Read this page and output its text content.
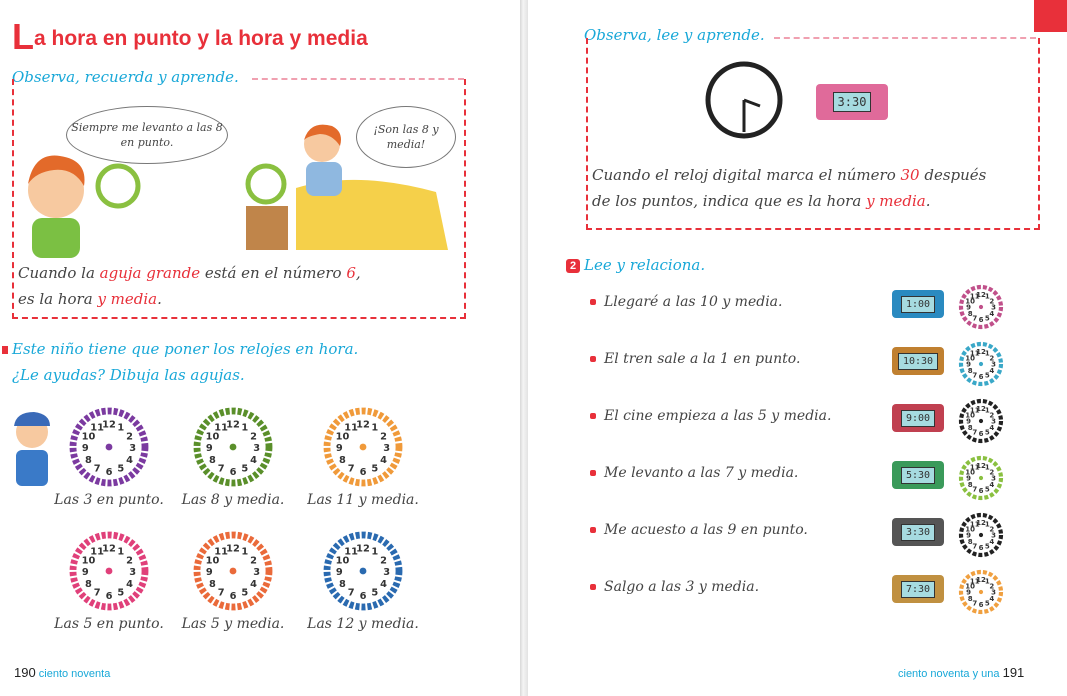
La hora en punto y la hora y media
Observa, recuerda y aprende.
Siempre me levanto a las 8 en punto.
¡Son las 8 y media!
Cuando la aguja grande está en el número 6,
es la hora y media.
Este niño tiene que poner los relojes en hora.
¿Le ayudas? Dibuja las agujas.
1
2
3
4
5
6
7
8
9
10
11
12
Las 3 en punto.
1
2
3
4
5
6
7
8
9
10
11
12
Las 8 y media.
1
2
3
4
5
6
7
8
9
10
11
12
Las 11 y media.
1
2
3
4
5
6
7
8
9
10
11
12
Las 5 en punto.
1
2
3
4
5
6
7
8
9
10
11
12
Las 5 y media.
1
2
3
4
5
6
7
8
9
10
11
12
Las 12 y media.
190 ciento noventa
Observa, lee y aprende.
3:30
Cuando el reloj digital marca el número 30 después
de los puntos, indica que es la hora y media.
2 Lee y relaciona.
Llegaré a las 10 y media.	1:00
1
2
3
4
5
6
7
8
9
10
11
12
El tren sale a la 1 en punto.	10:30
1
2
3
4
5
6
7
8
9
10
11
12
El cine empieza a las 5 y media.	9:00
1
2
3
4
5
6
7
8
9
10
11
12
Me levanto a las 7 y media.	5:30
1
2
3
4
5
6
7
8
9
10
11
12
Me acuesto a las 9 en punto.	3:30
1
2
3
4
5
6
7
8
9
10
11
12
Salgo a las 3 y media.	7:30
1
2
3
4
5
6
7
8
9
10
11
12
ciento noventa y una 191
